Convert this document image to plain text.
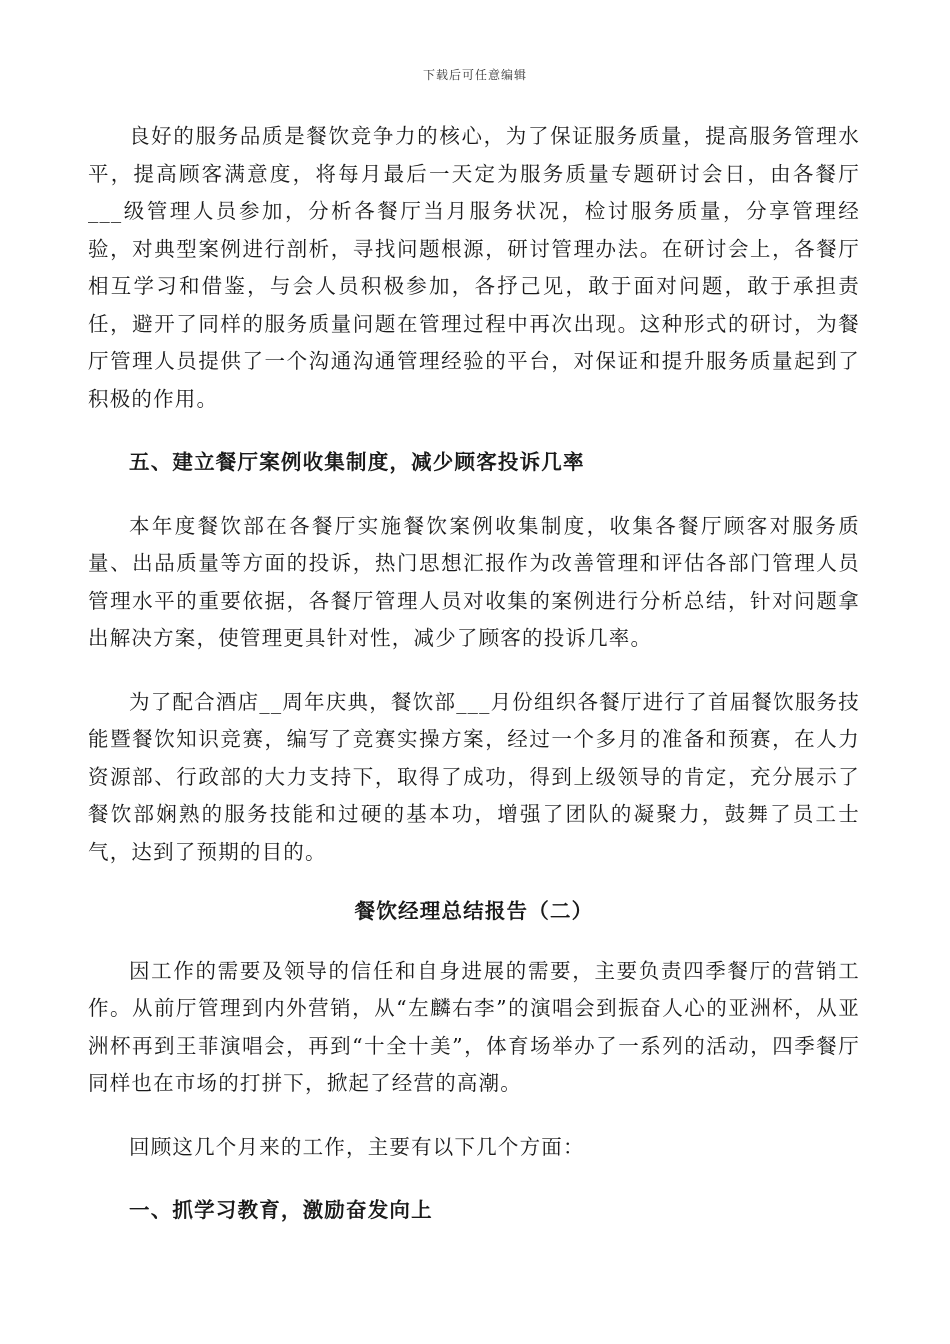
下载后可任意编辑

良好的服务品质是餐饮竞争力的核心，为了保证服务质量，提高服务管理水平，提高顾客满意度，将每月最后一天定为服务质量专题研讨会日，由各餐厅___级管理人员参加，分析各餐厅当月服务状况，检讨服务质量，分享管理经验，对典型案例进行剖析，寻找问题根源，研讨管理办法。在研讨会上，各餐厅相互学习和借鉴，与会人员积极参加，各抒己见，敢于面对问题，敢于承担责任，避开了同样的服务质量问题在管理过程中再次出现。这种形式的研讨，为餐厅管理人员提供了一个沟通沟通管理经验的平台，对保证和提升服务质量起到了积极的作用。

五、建立餐厅案例收集制度，减少顾客投诉几率

本年度餐饮部在各餐厅实施餐饮案例收集制度，收集各餐厅顾客对服务质量、出品质量等方面的投诉，热门思想汇报作为改善管理和评估各部门管理人员管理水平的重要依据，各餐厅管理人员对收集的案例进行分析总结，针对问题拿出解决方案，使管理更具针对性，减少了顾客的投诉几率。

为了配合酒店__周年庆典，餐饮部___月份组织各餐厅进行了首届餐饮服务技能暨餐饮知识竞赛，编写了竞赛实操方案，经过一个多月的准备和预赛，在人力资源部、行政部的大力支持下，取得了成功，得到上级领导的肯定，充分展示了餐饮部娴熟的服务技能和过硬的基本功，增强了团队的凝聚力，鼓舞了员工士气，达到了预期的目的。

餐饮经理总结报告（二）

因工作的需要及领导的信任和自身进展的需要，主要负责四季餐厅的营销工作。从前厅管理到内外营销，从“左麟右李”的演唱会到振奋人心的亚洲杯，从亚洲杯再到王菲演唱会，再到“十全十美”，体育场举办了一系列的活动，四季餐厅同样也在市场的打拼下，掀起了经营的高潮。

回顾这几个月来的工作，主要有以下几个方面：

一、抓学习教育，激励奋发向上
